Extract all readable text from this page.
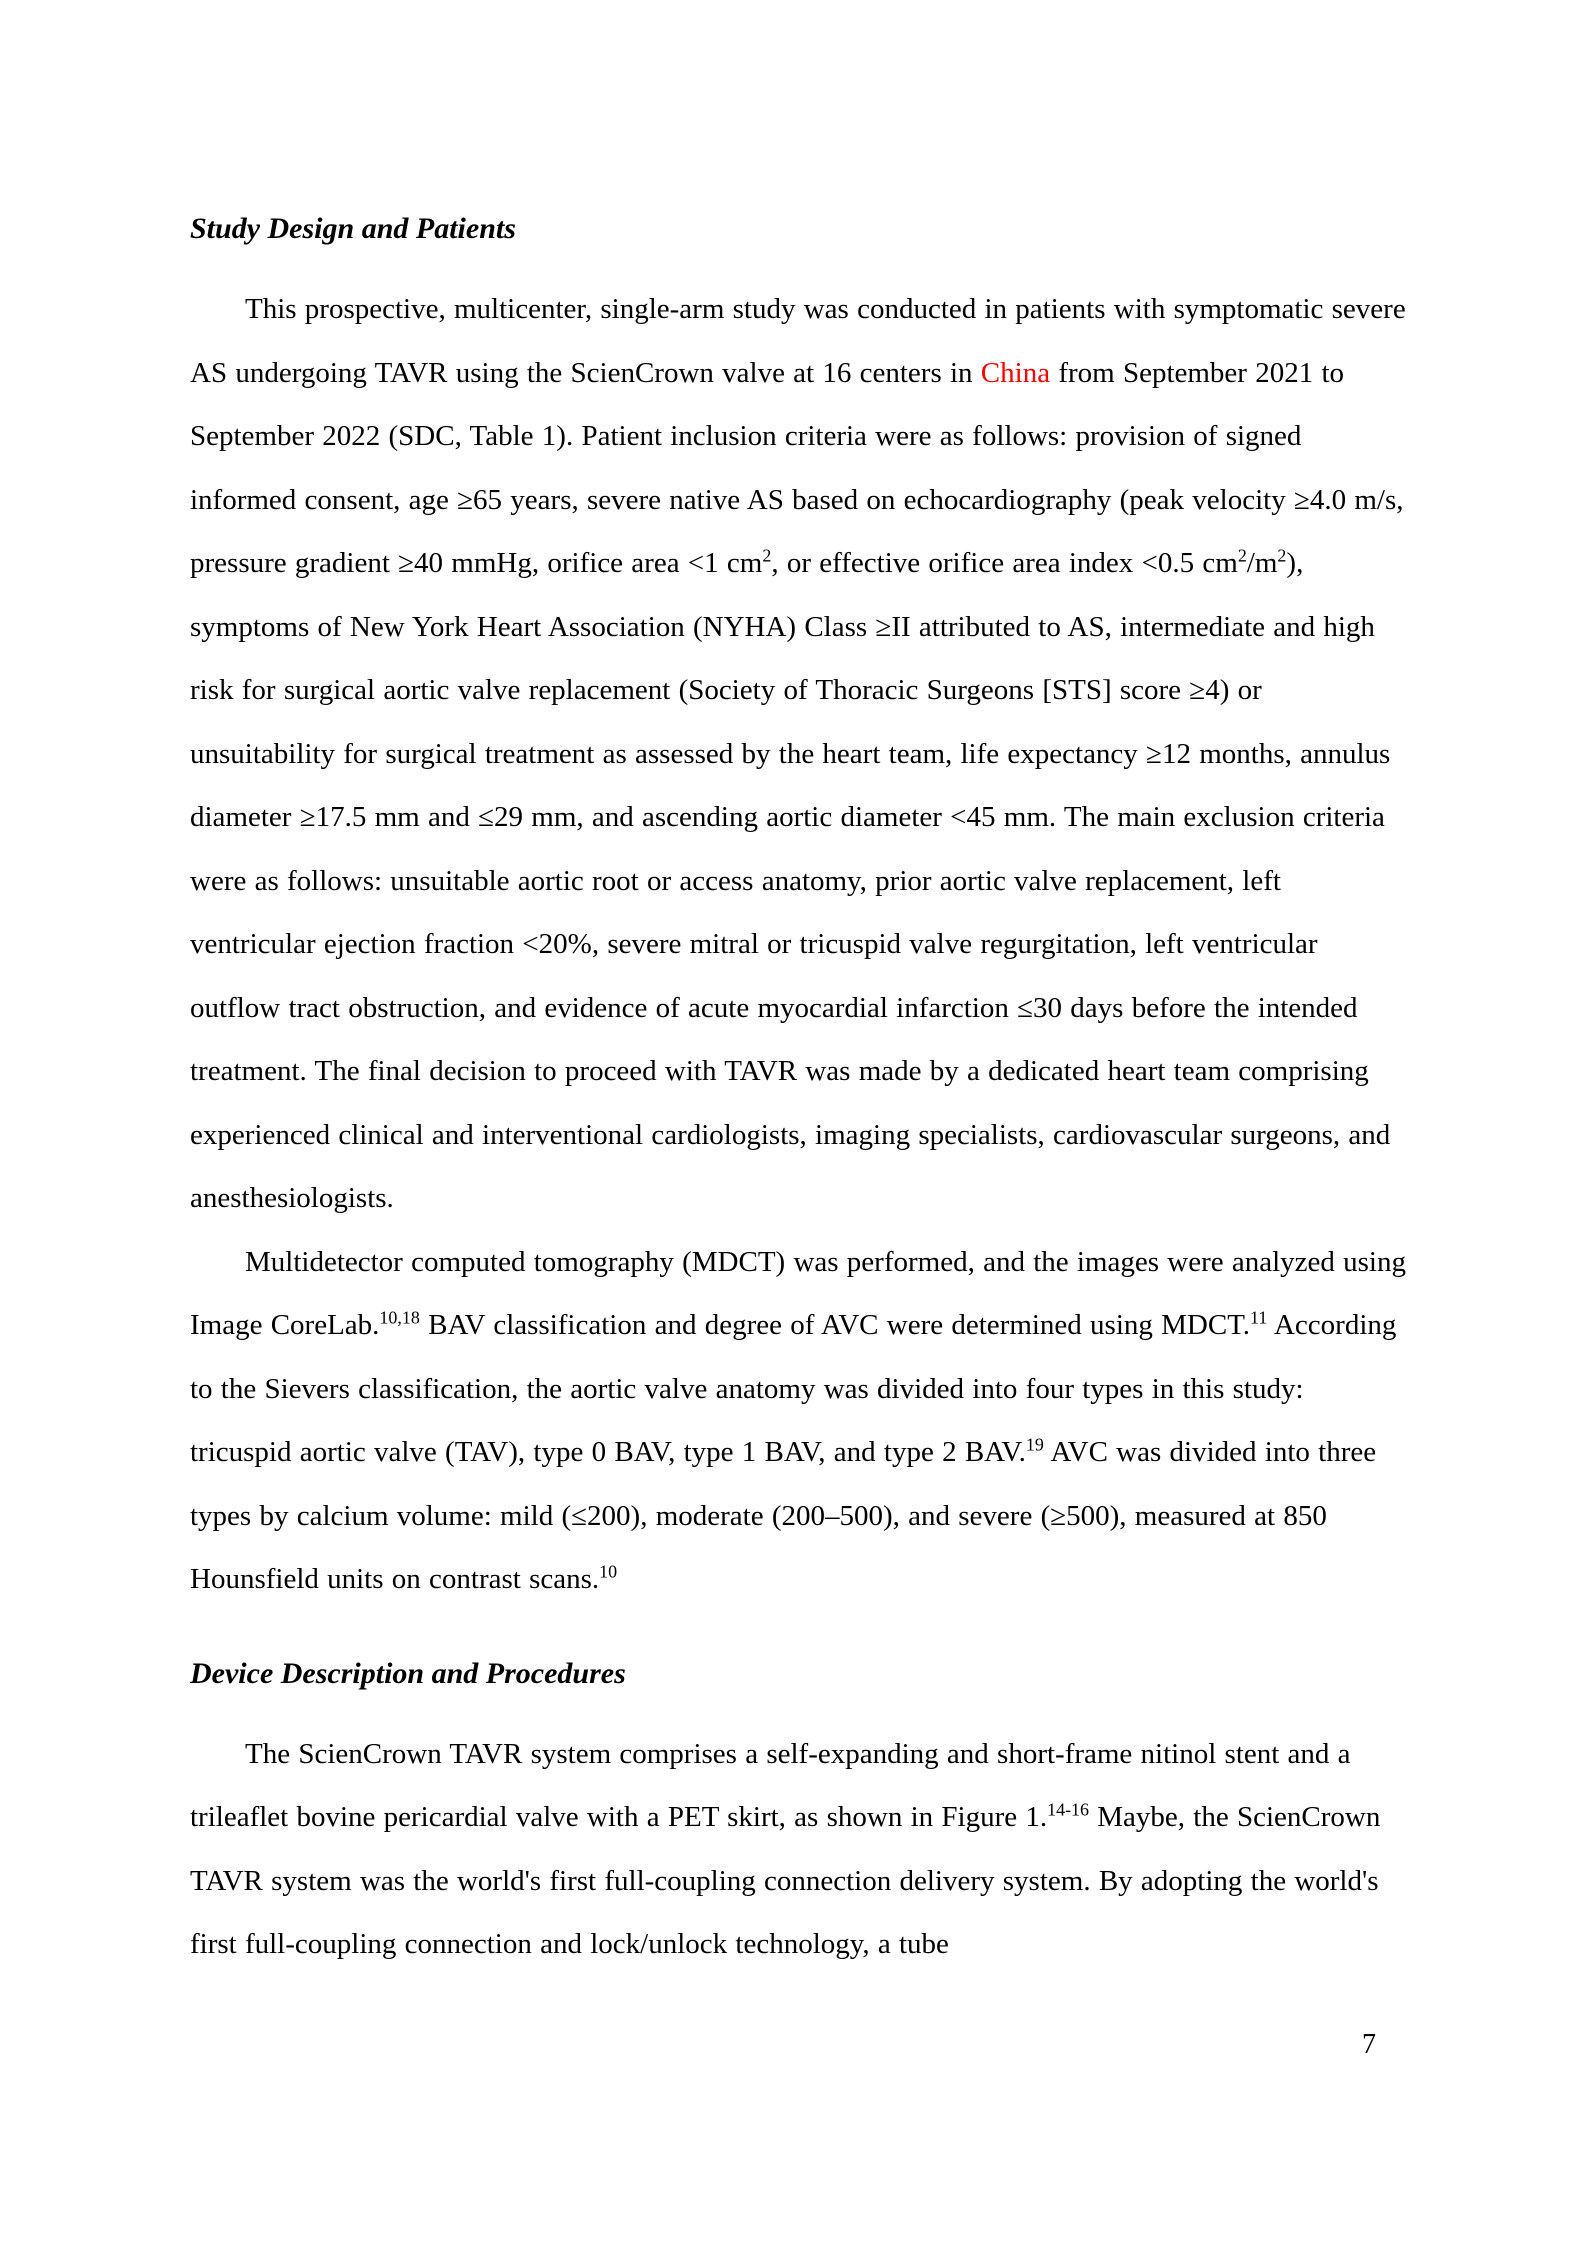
Study Design and Patients

This prospective, multicenter, single-arm study was conducted in patients with symptomatic severe AS undergoing TAVR using the ScienCrown valve at 16 centers in China from September 2021 to September 2022 (SDC, Table 1). Patient inclusion criteria were as follows: provision of signed informed consent, age ≥65 years, severe native AS based on echocardiography (peak velocity ≥4.0 m/s, pressure gradient ≥40 mmHg, orifice area <1 $cm^2$, or effective orifice area index <0.5 $cm^2/m^2$), symptoms of New York Heart Association (NYHA) Class ≥II attributed to AS, intermediate and high risk for surgical aortic valve replacement (Society of Thoracic Surgeons [STS] score ≥4) or unsuitability for surgical treatment as assessed by the heart team, life expectancy ≥12 months, annulus diameter ≥17.5 mm and ≤29 mm, and ascending aortic diameter <45 mm. The main exclusion criteria were as follows: unsuitable aortic root or access anatomy, prior aortic valve replacement, left ventricular ejection fraction <20%, severe mitral or tricuspid valve regurgitation, left ventricular outflow tract obstruction, and evidence of acute myocardial infarction ≤30 days before the intended treatment. The final decision to proceed with TAVR was made by a dedicated heart team comprising experienced clinical and interventional cardiologists, imaging specialists, cardiovascular surgeons, and anesthesiologists.

Multidetector computed tomography (MDCT) was performed, and the images were analyzed using Image CoreLab.$^{10,18}$ BAV classification and degree of AVC were determined using MDCT.$^{11}$ According to the Sievers classification, the aortic valve anatomy was divided into four types in this study: tricuspid aortic valve (TAV), type 0 BAV, type 1 BAV, and type 2 BAV.$^{19}$ AVC was divided into three types by calcium volume: mild (≤200), moderate (200–500), and severe (≥500), measured at 850 Hounsfield units on contrast scans.$^{10}$

Device Description and Procedures

The ScienCrown TAVR system comprises a self-expanding and short-frame nitinol stent and a trileaflet bovine pericardial valve with a PET skirt, as shown in Figure 1.$^{14-16}$ Maybe, the ScienCrown TAVR system was the world's first full-coupling connection delivery system. By adopting the world's first full-coupling connection and lock/unlock technology, a tube

7
